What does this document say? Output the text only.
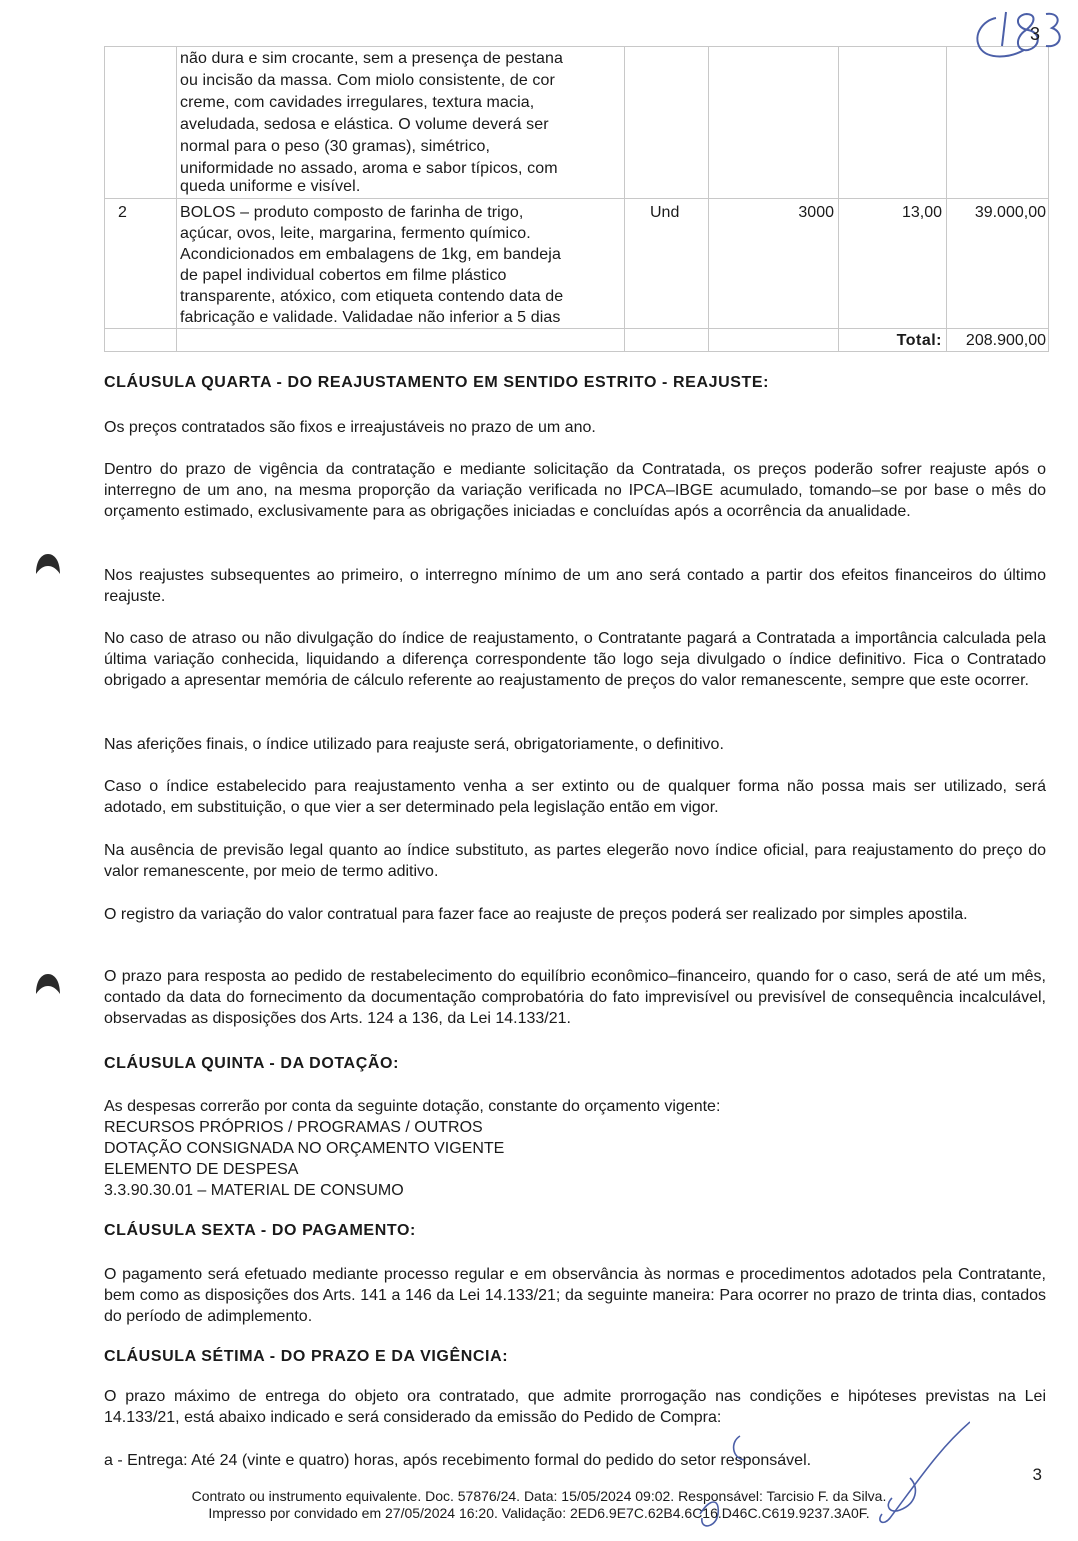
não dura e sim crocante, sem a presença de pestana
ou incisão da massa. Com miolo consistente, de cor
creme, com cavidades irregulares, textura macia,
aveludada, sedosa e elástica. O volume deverá ser
normal para o peso (30 gramas), simétrico,
uniformidade no assado, aroma e sabor típicos, com
queda uniforme e visível.
2	BOLOS – produto composto de farinha de trigo,
açúcar, ovos, leite, margarina, fermento químico.
Acondicionados em embalagens de 1kg, em bandeja
de papel individual cobertos em filme plástico
transparente, atóxico, com etiqueta contendo data de
fabricação e validade. Validadae não inferior a 5 dias
Und	3000	13,00	39.000,00
Total:	208.900,00
3
CLÁUSULA QUARTA - DO REAJUSTAMENTO EM SENTIDO ESTRITO - REAJUSTE:
Os preços contratados são fixos e irreajustáveis no prazo de um ano.
Dentro do prazo de vigência da contratação e mediante solicitação da Contratada, os preços poderão sofrer reajuste após o interregno de um ano, na mesma proporção da variação verificada no IPCA–IBGE acumulado, tomando–se por base o mês do orçamento estimado, exclusivamente para as obrigações iniciadas e concluídas após a ocorrência da anualidade.
Nos reajustes subsequentes ao primeiro, o interregno mínimo de um ano será contado a partir dos efeitos financeiros do último reajuste.
No caso de atraso ou não divulgação do índice de reajustamento, o Contratante pagará a Contratada a importância calculada pela última variação conhecida, liquidando a diferença correspondente tão logo seja divulgado o índice definitivo. Fica o Contratado obrigado a apresentar memória de cálculo referente ao reajustamento de preços do valor remanescente, sempre que este ocorrer.
Nas aferições finais, o índice utilizado para reajuste será, obrigatoriamente, o definitivo.
Caso o índice estabelecido para reajustamento venha a ser extinto ou de qualquer forma não possa mais ser utilizado, será adotado, em substituição, o que vier a ser determinado pela legislação então em vigor.
Na ausência de previsão legal quanto ao índice substituto, as partes elegerão novo índice oficial, para reajustamento do preço do valor remanescente, por meio de termo aditivo.
O registro da variação do valor contratual para fazer face ao reajuste de preços poderá ser realizado por simples apostila.
O prazo para resposta ao pedido de restabelecimento do equilíbrio econômico–financeiro, quando for o caso, será de até um mês, contado da data do fornecimento da documentação comprobatória do fato imprevisível ou previsível de consequência incalculável, observadas as disposições dos Arts. 124 a 136, da Lei 14.133/21.
CLÁUSULA QUINTA - DA DOTAÇÃO:
As despesas correrão por conta da seguinte dotação, constante do orçamento vigente:
RECURSOS PRÓPRIOS / PROGRAMAS / OUTROS
DOTAÇÃO CONSIGNADA NO ORÇAMENTO VIGENTE
ELEMENTO DE DESPESA
3.3.90.30.01 – MATERIAL DE CONSUMO
CLÁUSULA SEXTA - DO PAGAMENTO:
O pagamento será efetuado mediante processo regular e em observância às normas e procedimentos adotados pela Contratante, bem como as disposições dos Arts. 141 a 146 da Lei 14.133/21; da seguinte maneira: Para ocorrer no prazo de trinta dias, contados do período de adimplemento.
CLÁUSULA SÉTIMA - DO PRAZO E DA VIGÊNCIA:
O prazo máximo de entrega do objeto ora contratado, que admite prorrogação nas condições e hipóteses previstas na Lei 14.133/21, está abaixo indicado e será considerado da emissão do Pedido de Compra:
a - Entrega: Até 24 (vinte e quatro) horas, após recebimento formal do pedido do setor responsável.
3
Contrato ou instrumento equivalente. Doc. 57876/24. Data: 15/05/2024 09:02. Responsável: Tarcisio F. da Silva.
Impresso por convidado em 27/05/2024 16:20. Validação: 2ED6.9E7C.62B4.6C16.D46C.C619.9237.3A0F.
